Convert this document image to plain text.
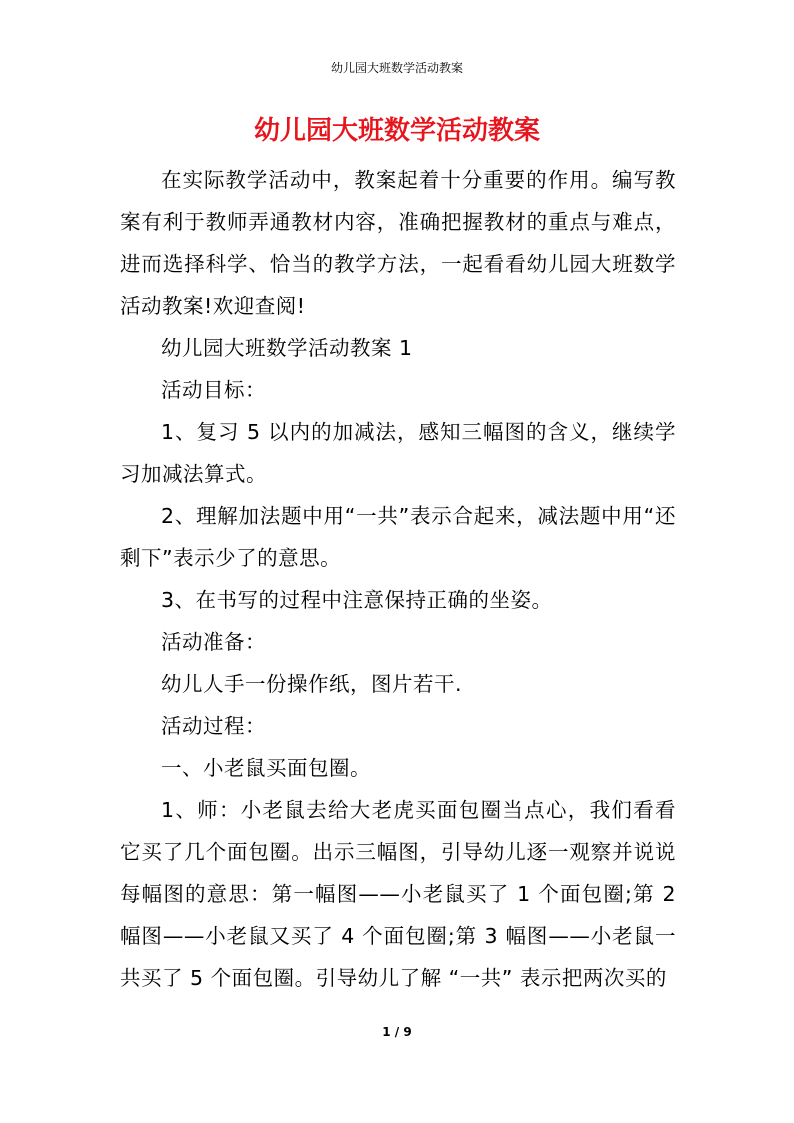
幼儿园大班数学活动教案
幼儿园大班数学活动教案

在实际教学活动中，教案起着十分重要的作用。编写教案有利于教师弄通教材内容，准确把握教材的重点与难点，进而选择科学、恰当的教学方法，一起看看幼儿园大班数学活动教案!欢迎查阅!

幼儿园大班数学活动教案 1

活动目标：

1、复习 5 以内的加减法，感知三幅图的含义，继续学习加减法算式。

2、理解加法题中用“一共”表示合起来，减法题中用“还剩下”表示少了的意思。

3、在书写的过程中注意保持正确的坐姿。

活动准备：

幼儿人手一份操作纸，图片若干.

活动过程：

一、小老鼠买面包圈。

1、师：小老鼠去给大老虎买面包圈当点心，我们看看它买了几个面包圈。出示三幅图，引导幼儿逐一观察并说说每幅图的意思：第一幅图——小老鼠买了 1 个面包圈;第 2 幅图——小老鼠又买了 4 个面包圈;第 3 幅图——小老鼠一共买了 5 个面包圈。引导幼儿了解 “一共” 表示把两次买的

1 / 9
